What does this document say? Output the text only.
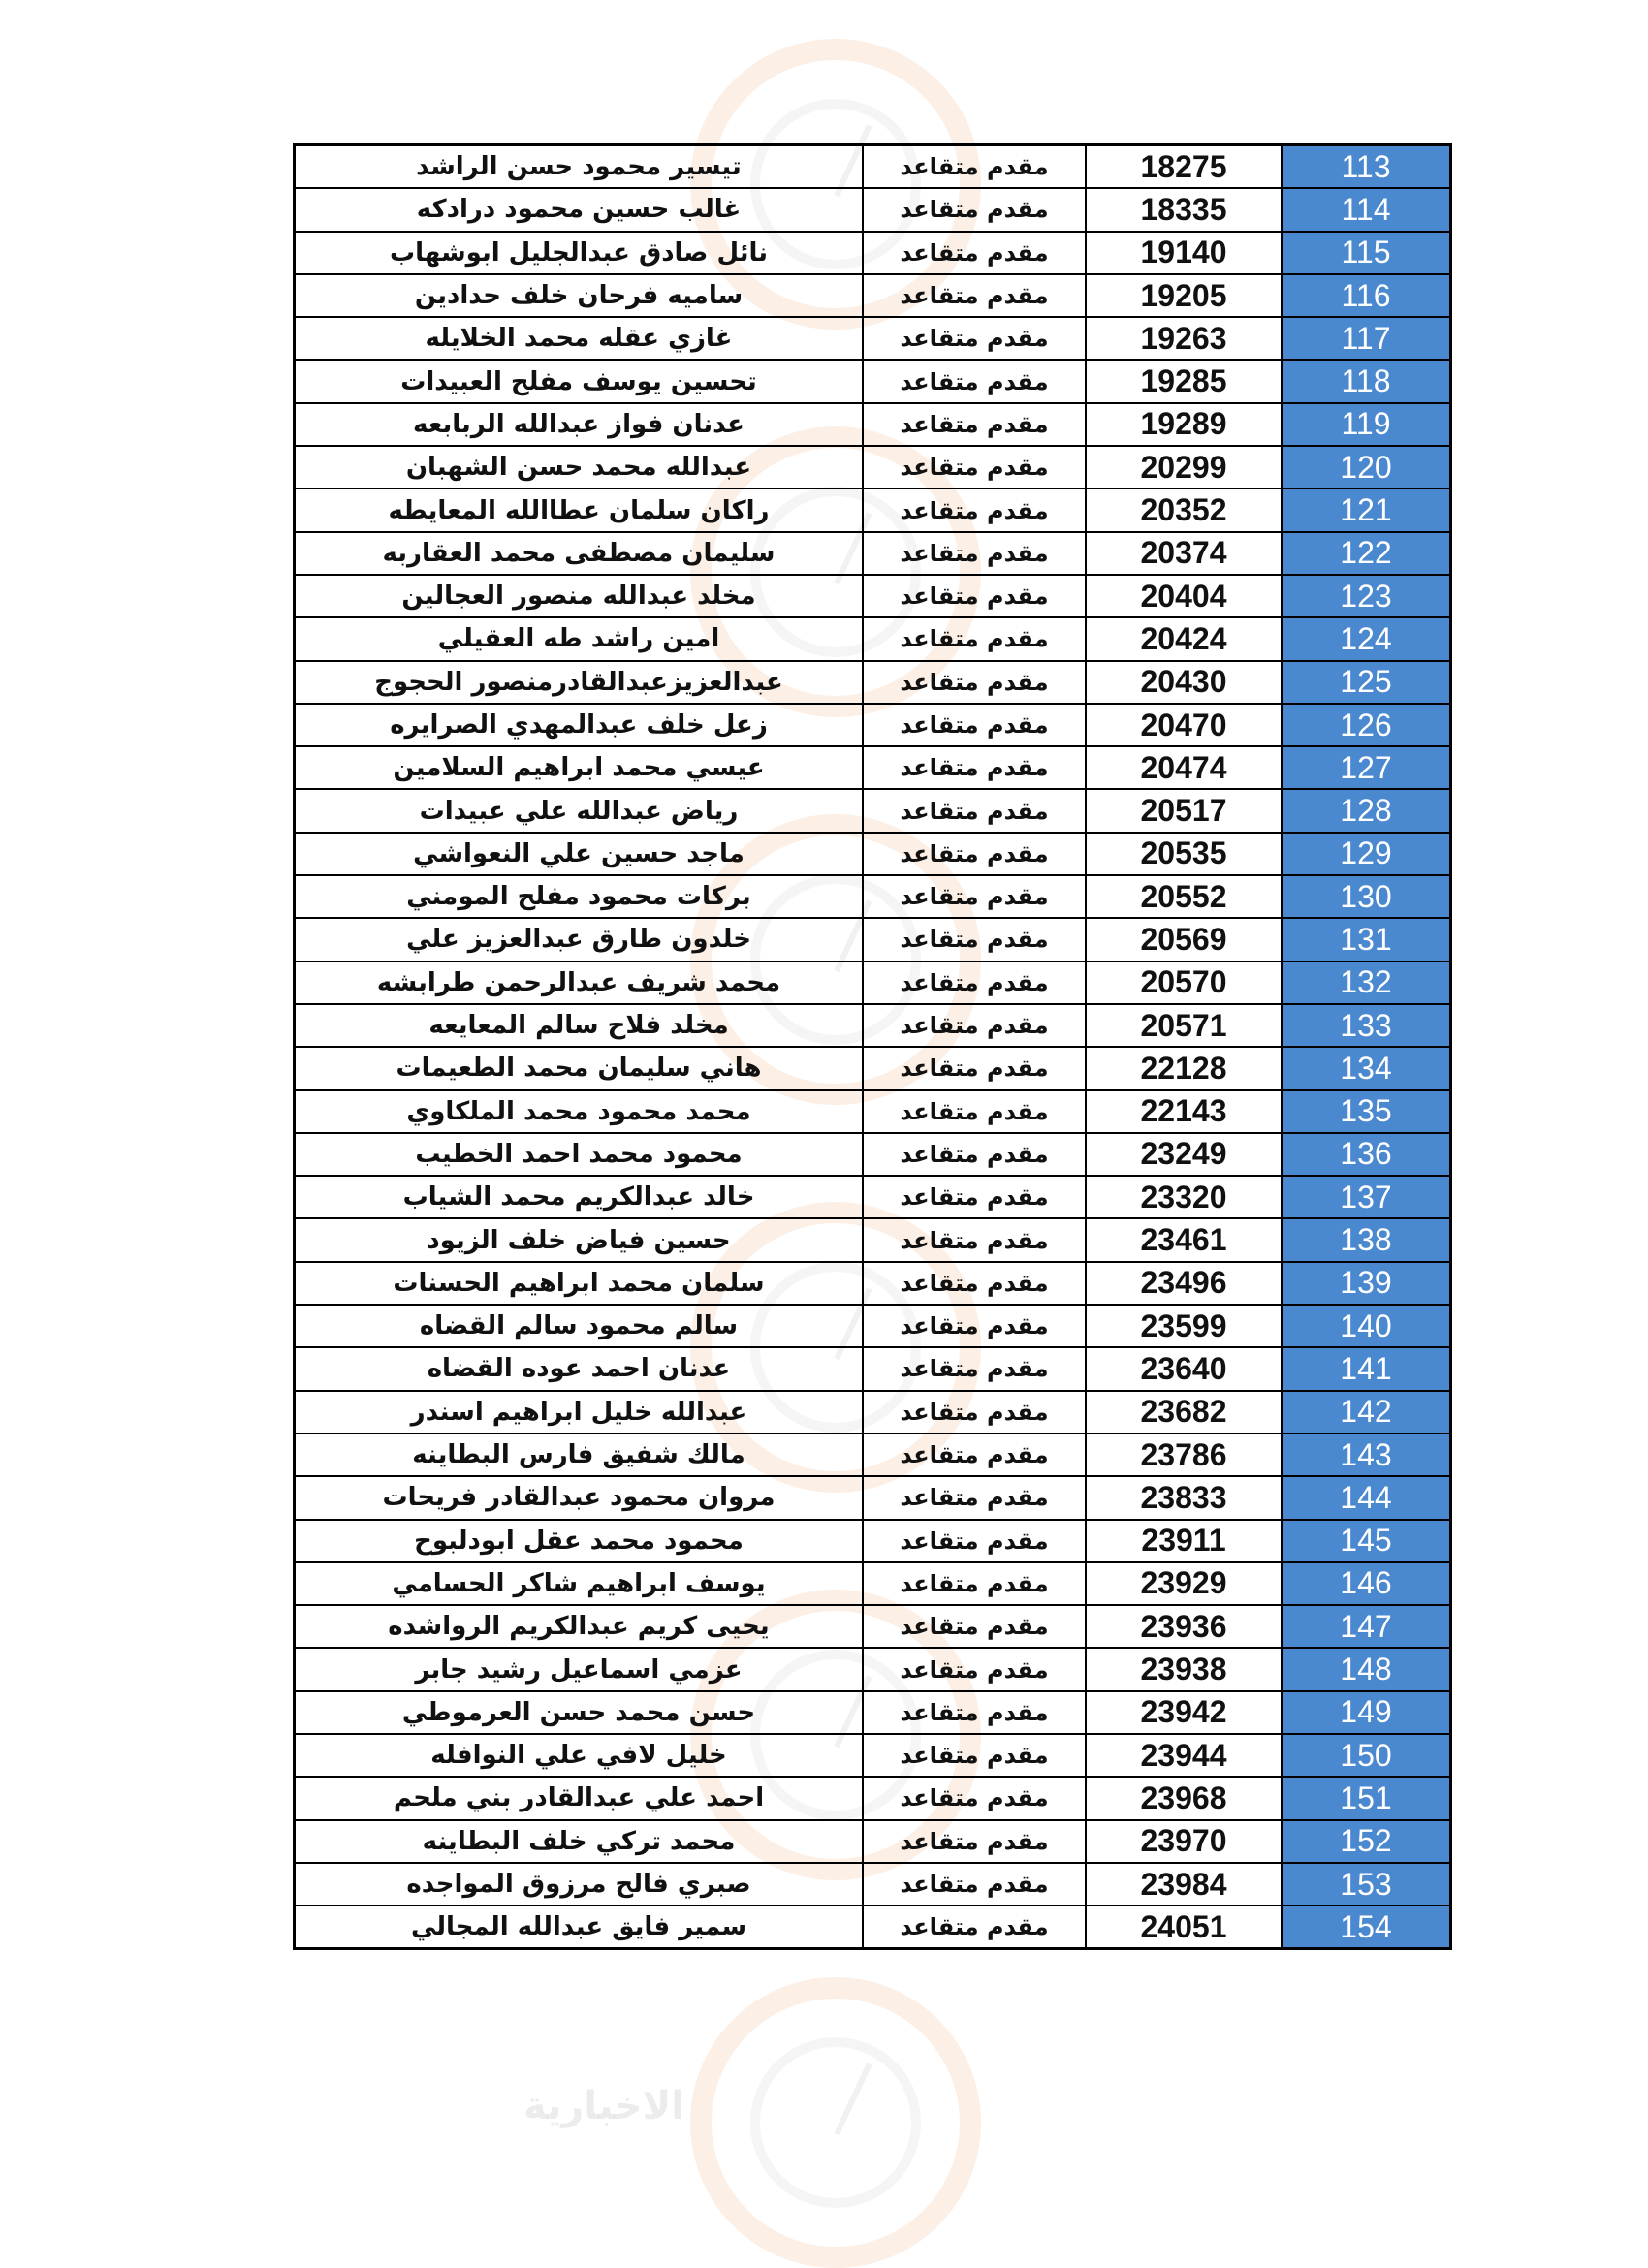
الاخبارية
تيسير محمود حسن الراشد	مقدم متقاعد	18275	113
غالب حسين محمود درادكه	مقدم متقاعد	18335	114
نائل صادق عبدالجليل ابوشهاب	مقدم متقاعد	19140	115
ساميه فرحان خلف حدادين	مقدم متقاعد	19205	116
غازي عقله محمد الخلايله	مقدم متقاعد	19263	117
تحسين يوسف مفلح العبيدات	مقدم متقاعد	19285	118
عدنان فواز عبدالله الربابعه	مقدم متقاعد	19289	119
عبدالله محمد حسن الشهبان	مقدم متقاعد	20299	120
راكان سلمان عطاالله المعايطه	مقدم متقاعد	20352	121
سليمان مصطفى محمد العقاربه	مقدم متقاعد	20374	122
مخلد عبدالله منصور العجالين	مقدم متقاعد	20404	123
امين راشد طه العقيلي	مقدم متقاعد	20424	124
عبدالعزيزعبدالقادرمنصور الحجوج	مقدم متقاعد	20430	125
زعل خلف عبدالمهدي الصرايره	مقدم متقاعد	20470	126
عيسي محمد ابراهيم السلامين	مقدم متقاعد	20474	127
رياض عبدالله علي عبيدات	مقدم متقاعد	20517	128
ماجد حسين علي النعواشي	مقدم متقاعد	20535	129
بركات محمود مفلح المومني	مقدم متقاعد	20552	130
خلدون طارق عبدالعزيز علي	مقدم متقاعد	20569	131
محمد شريف عبدالرحمن طرابشه	مقدم متقاعد	20570	132
مخلد فلاح سالم المعايعه	مقدم متقاعد	20571	133
هاني سليمان محمد الطعيمات	مقدم متقاعد	22128	134
محمد محمود محمد الملكاوي	مقدم متقاعد	22143	135
محمود محمد احمد الخطيب	مقدم متقاعد	23249	136
خالد عبدالكريم محمد الشياب	مقدم متقاعد	23320	137
حسين فياض خلف الزيود	مقدم متقاعد	23461	138
سلمان محمد ابراهيم الحسنات	مقدم متقاعد	23496	139
سالم محمود سالم القضاه	مقدم متقاعد	23599	140
عدنان احمد عوده القضاه	مقدم متقاعد	23640	141
عبدالله خليل ابراهيم اسندر	مقدم متقاعد	23682	142
مالك شفيق فارس البطاينه	مقدم متقاعد	23786	143
مروان محمود عبدالقادر فريحات	مقدم متقاعد	23833	144
محمود محمد عقل ابودلبوح	مقدم متقاعد	23911	145
يوسف ابراهيم شاكر الحسامي	مقدم متقاعد	23929	146
يحيى كريم عبدالكريم الرواشده	مقدم متقاعد	23936	147
عزمي اسماعيل رشيد جابر	مقدم متقاعد	23938	148
حسن محمد حسن العرموطي	مقدم متقاعد	23942	149
خليل لافي علي النوافله	مقدم متقاعد	23944	150
احمد علي عبدالقادر بني ملحم	مقدم متقاعد	23968	151
محمد تركي خلف البطاينه	مقدم متقاعد	23970	152
صبري فالح مرزوق المواجده	مقدم متقاعد	23984	153
سمير فايق عبدالله المجالي	مقدم متقاعد	24051	154
